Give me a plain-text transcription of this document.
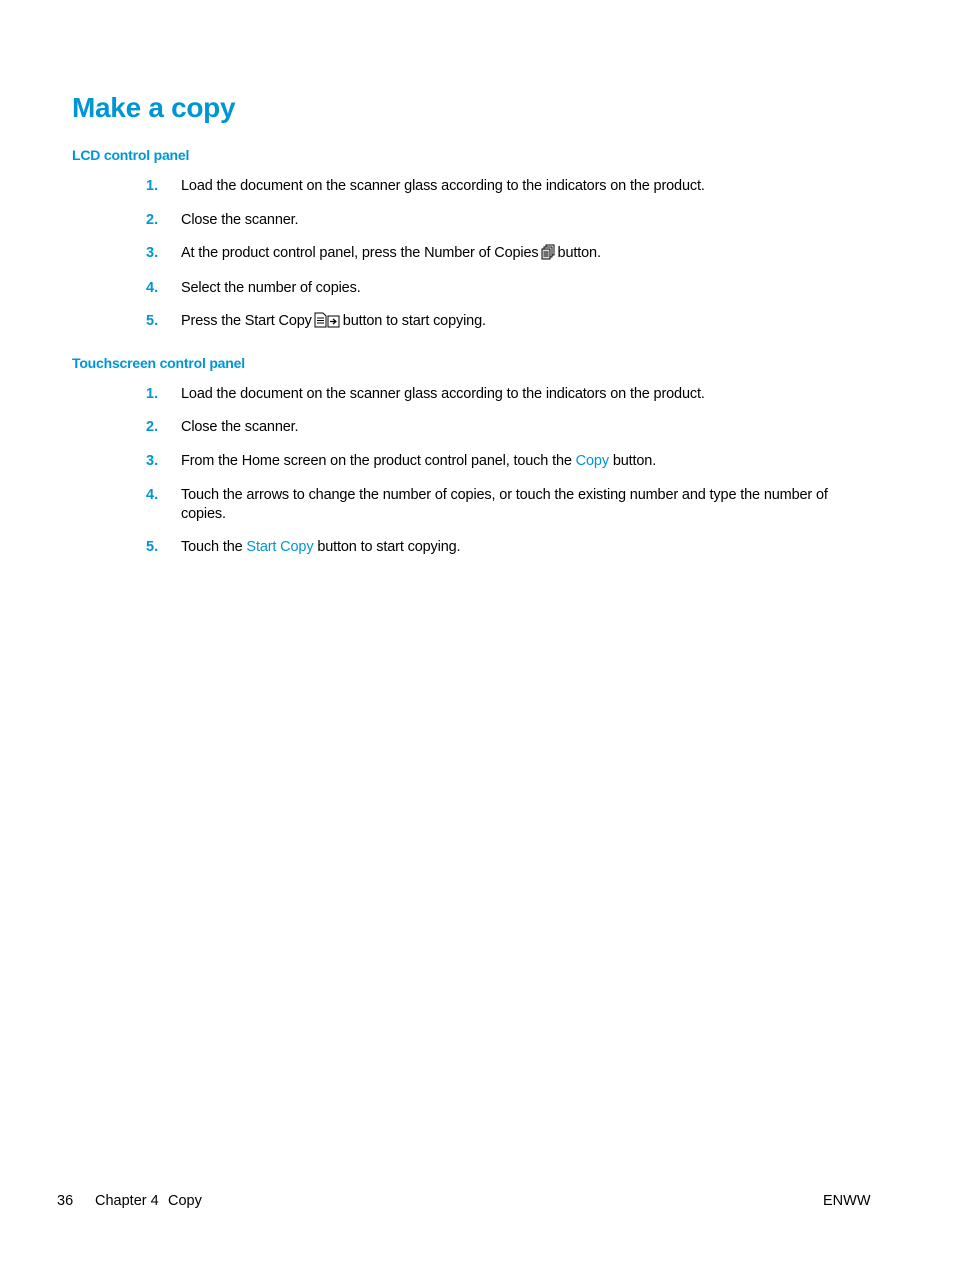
Make a copy
LCD control panel
1. Load the document on the scanner glass according to the indicators on the product.
2. Close the scanner.
3. At the product control panel, press the Number of Copies button.
4. Select the number of copies.
5. Press the Start Copy button to start copying.
Touchscreen control panel
1. Load the document on the scanner glass according to the indicators on the product.
2. Close the scanner.
3. From the Home screen on the product control panel, touch the Copy button.
4. Touch the arrows to change the number of copies, or touch the existing number and type the number of copies.
5. Touch the Start Copy button to start copying.
36 Chapter 4 Copy	ENWW
